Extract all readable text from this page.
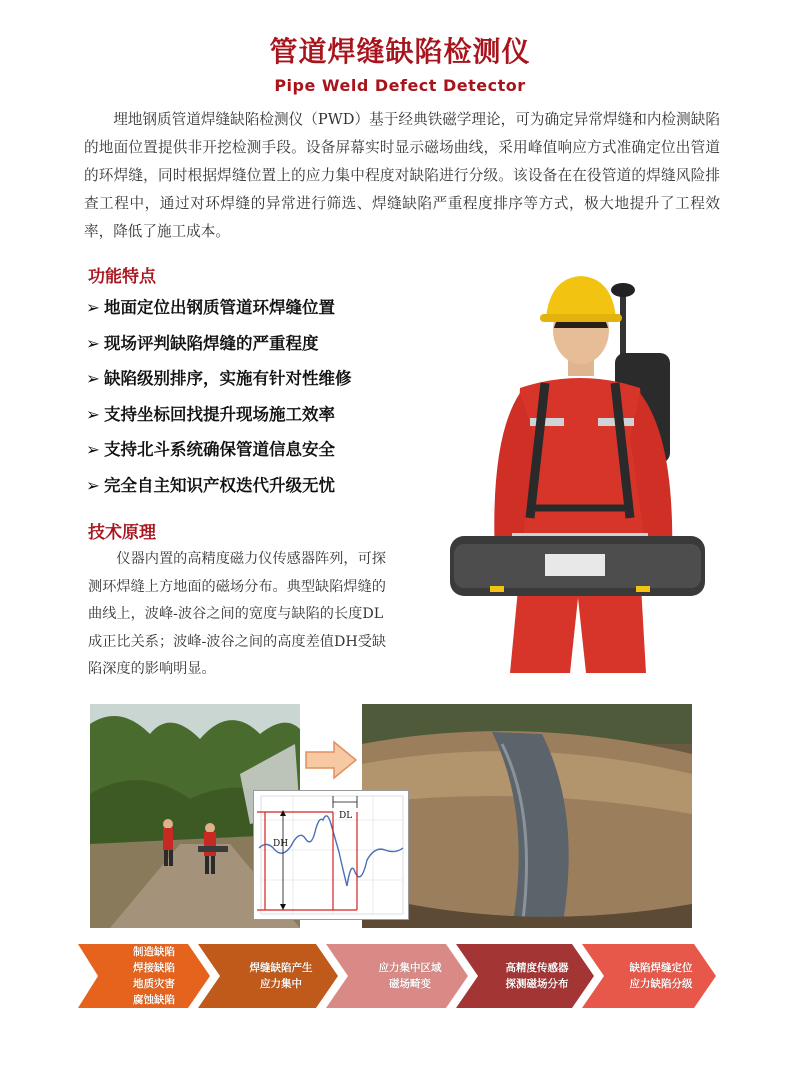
管道焊缝缺陷检测仪
Pipe Weld Defect Detector
埋地钢质管道焊缝缺陷检测仪（PWD）基于经典铁磁学理论，可为确定异常焊缝和内检测缺陷的地面位置提供非开挖检测手段。设备屏幕实时显示磁场曲线，采用峰值响应方式准确定位出管道的环焊缝，同时根据焊缝位置上的应力集中程度对缺陷进行分级。该设备在在役管道的焊缝风险排查工程中，通过对环焊缝的异常进行筛选、焊缝缺陷严重程度排序等方式，极大地提升了工程效率，降低了施工成本。
功能特点
➢ 地面定位出钢质管道环焊缝位置
➢ 现场评判缺陷焊缝的严重程度
➢ 缺陷级别排序，实施有针对性维修
➢ 支持坐标回找提升现场施工效率
➢ 支持北斗系统确保管道信息安全
➢ 完全自主知识产权迭代升级无忧
技术原理
仪器内置的高精度磁力仪传感器阵列，可探测环焊缝上方地面的磁场分布。典型缺陷焊缝的曲线上，波峰-波谷之间的宽度与缺陷的长度DL成正比关系；波峰-波谷之间的高度差值DH受缺陷深度的影响明显。
DH
DL
制造缺陷
焊接缺陷
地质灾害
腐蚀缺陷
焊缝缺陷产生
应力集中
应力集中区域
磁场畸变
高精度传感器
探测磁场分布
缺陷焊缝定位
应力缺陷分级
